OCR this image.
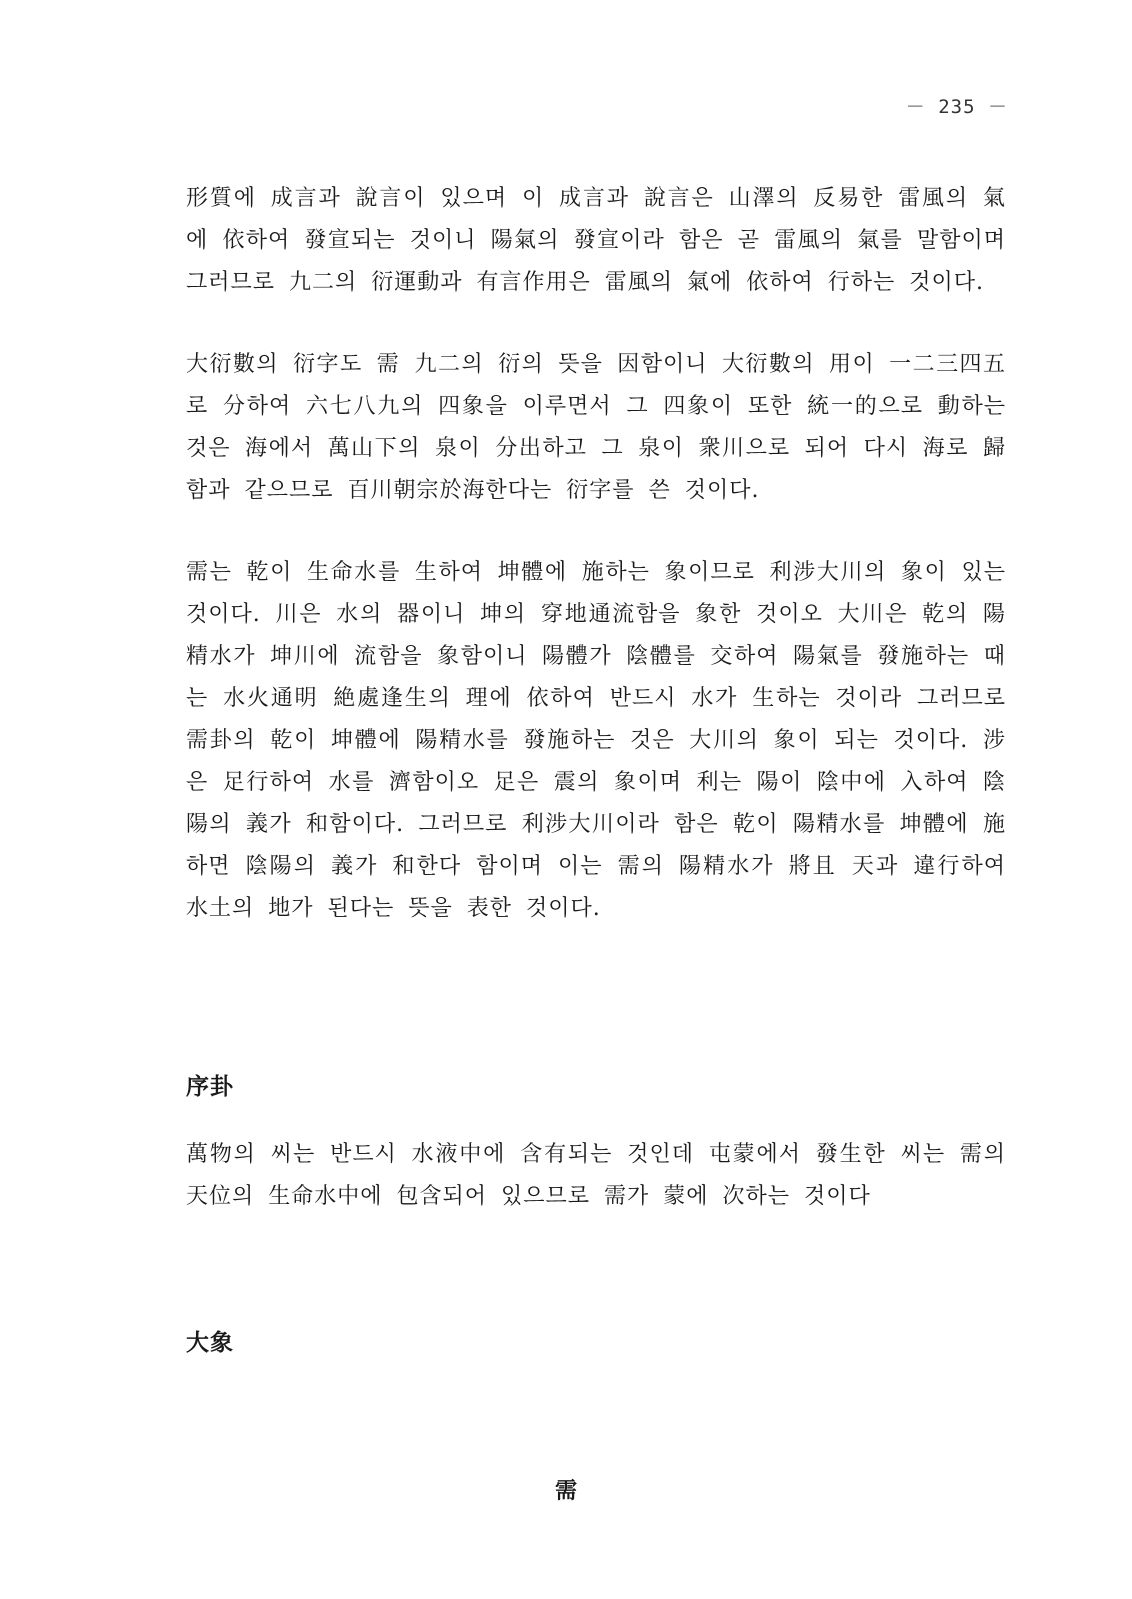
－ 235 －

形質에 成言과 說言이 있으며 이 成言과 說言은 山澤의 反易한 雷風의 氣에 依하여 發宣되는 것이니 陽氣의 發宣이라 함은 곧 雷風의 氣를 말함이며 그러므로 九二의 衍運動과 有言作用은 雷風의 氣에 依하여 行하는 것이다.

大衍數의 衍字도 需 九二의 衍의 뜻을 因함이니 大衍數의 用이 一二三四五로 分하여 六七八九의 四象을 이루면서 그 四象이 또한 統一的으로 動하는 것은 海에서 萬山下의 泉이 分出하고 그 泉이 衆川으로 되어 다시 海로 歸함과 같으므로 百川朝宗於海한다는 衍字를 쓴 것이다.

需는 乾이 生命水를 生하여 坤體에 施하는 象이므로 利涉大川의 象이 있는 것이다. 川은 水의 器이니 坤의 穿地通流함을 象한 것이오 大川은 乾의 陽精水가 坤川에 流함을 象함이니 陽體가 陰體를 交하여 陽氣를 發施하는 때는 水火通明 絶處逢生의 理에 依하여 반드시 水가 生하는 것이라 그러므로 需卦의 乾이 坤體에 陽精水를 發施하는 것은 大川의 象이 되는 것이다. 涉은 足行하여 水를 濟함이오 足은 震의 象이며 利는 陽이 陰中에 入하여 陰陽의 義가 和함이다. 그러므로 利涉大川이라 함은 乾이 陽精水를 坤體에 施하면 陰陽의 義가 和한다 함이며 이는 需의 陽精水가 將且 天과 違行하여 水土의 地가 된다는 뜻을 表한 것이다.

序卦

萬物의 씨는 반드시 水液中에 含有되는 것인데 屯蒙에서 發生한 씨는 需의 天位의 生命水中에 包含되어 있으므로 需가 蒙에 次하는 것이다

大象
需
